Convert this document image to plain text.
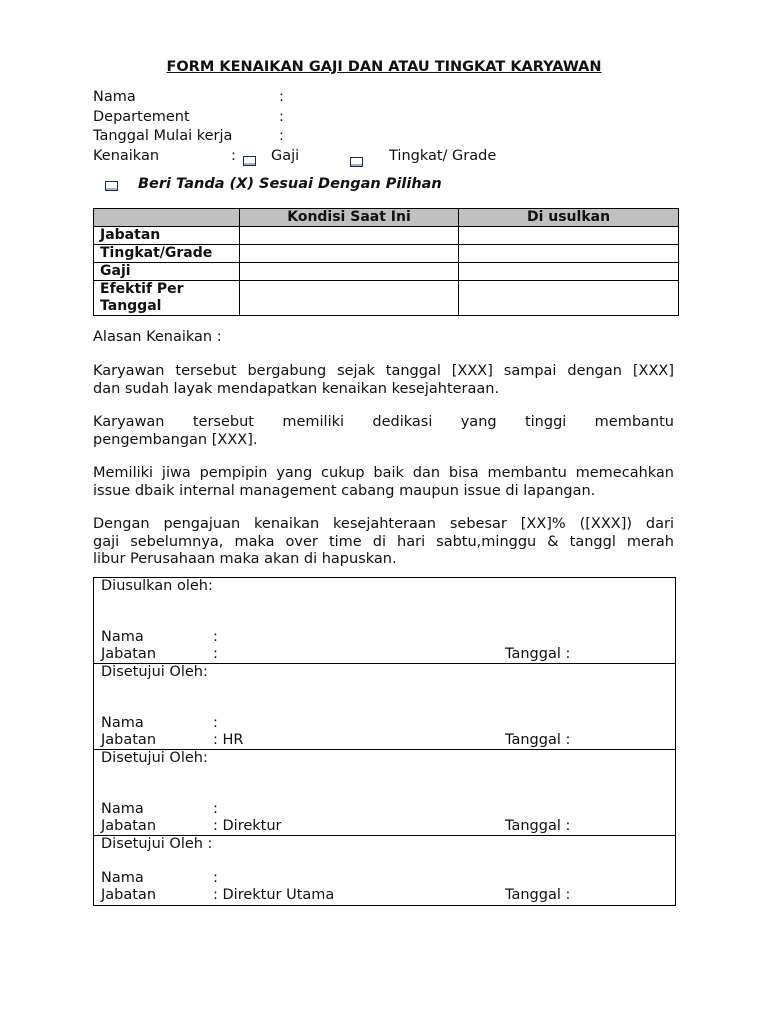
FORM KENAIKAN GAJI DAN ATAU TINGKAT KARYAWAN
Nama	:
Departement	:
Tanggal Mulai kerja	:
Kenaikan	: Gaji	Tingkat/ Grade
Beri Tanda (X) Sesuai Dengan Pilihan
	Kondisi Saat Ini	Di usulkan
Jabatan		
Tingkat/Grade		
Gaji		

Efektif Per
Tanggal		

Alasan Kenaikan :
Karyawan tersebut bergabung sejak tanggal [XXX] sampai dengan [XXX]
dan sudah layak mendapatkan kenaikan kesejahteraan.
Karyawan tersebut memiliki dedikasi yang tinggi membantu
pengembangan [XXX].
Memiliki jiwa pempipin yang cukup baik dan bisa membantu memecahkan
issue dbaik internal management cabang maupun issue di lapangan.
Dengan pengajuan kenaikan kesejahteraan sebesar [XX]% ([XXX]) dari
gaji sebelumnya, maka over time di hari sabtu,minggu & tanggl merah
libur Perusahaan maka akan di hapuskan.
Diusulkan oleh:
Nama	:
Jabatan	:	Tanggal :
Disetujui Oleh:
Nama	:
Jabatan	: HR	Tanggal :
Disetujui Oleh:
Nama	:
Jabatan	: Direktur	Tanggal :
Disetujui Oleh :
Nama	:
Jabatan	: Direktur Utama	Tanggal :
